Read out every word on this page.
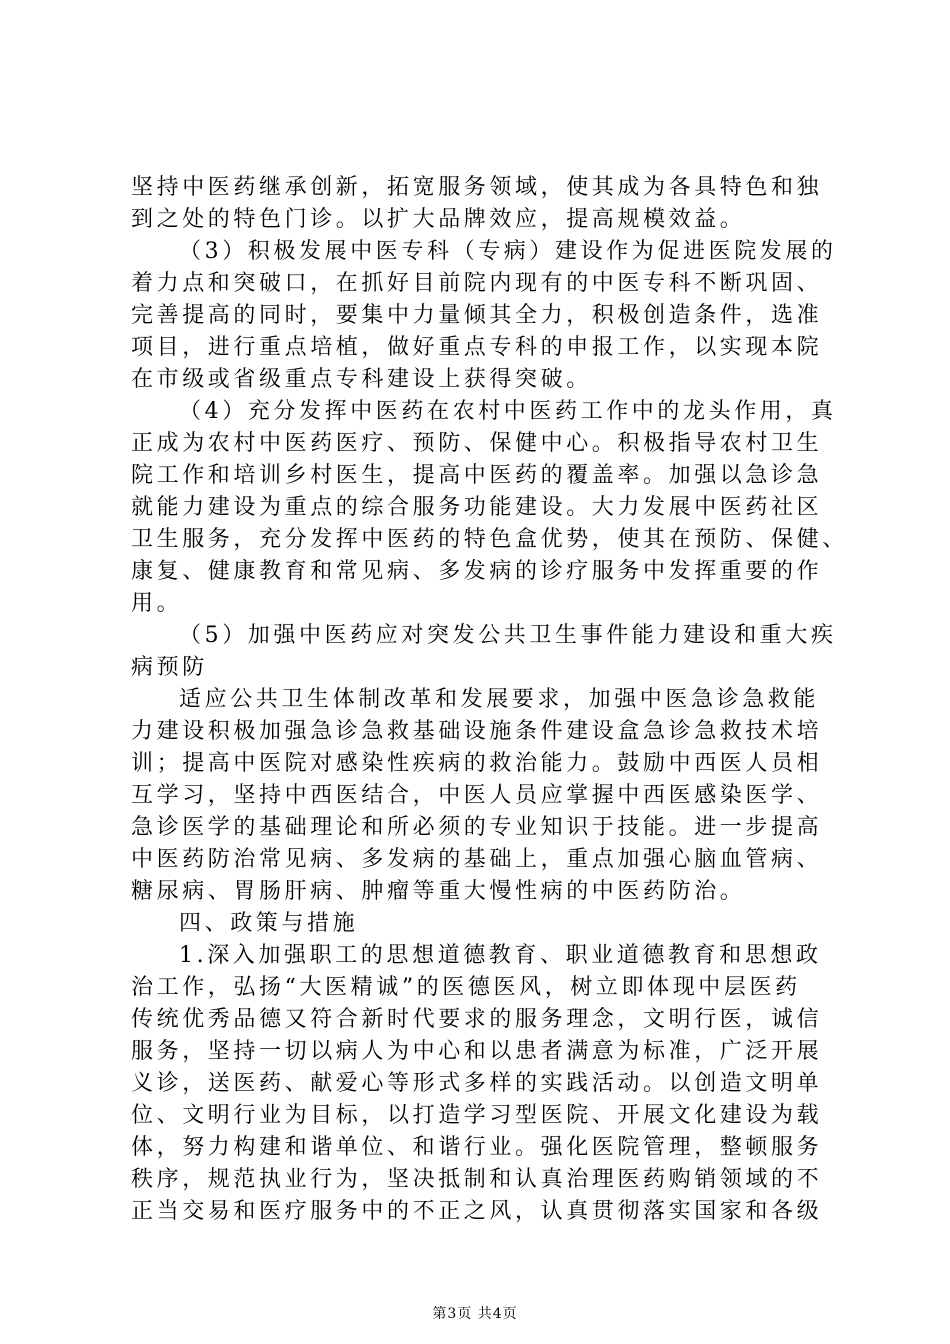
坚持中医药继承创新，拓宽服务领域，使其成为各具特色和独
到之处的特色门诊。以扩大品牌效应，提高规模效益。
（3）积极发展中医专科（专病）建设作为促进医院发展的
着力点和突破口，在抓好目前院内现有的中医专科不断巩固、
完善提高的同时，要集中力量倾其全力，积极创造条件，选准
项目，进行重点培植，做好重点专科的申报工作，以实现本院
在市级或省级重点专科建设上获得突破。
（4）充分发挥中医药在农村中医药工作中的龙头作用，真
正成为农村中医药医疗、预防、保健中心。积极指导农村卫生
院工作和培训乡村医生，提高中医药的覆盖率。加强以急诊急
就能力建设为重点的综合服务功能建设。大力发展中医药社区
卫生服务，充分发挥中医药的特色盒优势，使其在预防、保健、
康复、健康教育和常见病、多发病的诊疗服务中发挥重要的作
用。
（5）加强中医药应对突发公共卫生事件能力建设和重大疾
病预防
适应公共卫生体制改革和发展要求，加强中医急诊急救能
力建设积极加强急诊急救基础设施条件建设盒急诊急救技术培
训；提高中医院对感染性疾病的救治能力。鼓励中西医人员相
互学习，坚持中西医结合，中医人员应掌握中西医感染医学、
急诊医学的基础理论和所必须的专业知识于技能。进一步提高
中医药防治常见病、多发病的基础上，重点加强心脑血管病、
糖尿病、胃肠肝病、肿瘤等重大慢性病的中医药防治。
四、政策与措施
1.深入加强职工的思想道德教育、职业道德教育和思想政
治工作，弘扬“大医精诚”的医德医风，树立即体现中层医药
传统优秀品德又符合新时代要求的服务理念，文明行医，诚信
服务，坚持一切以病人为中心和以患者满意为标准，广泛开展
义诊，送医药、献爱心等形式多样的实践活动。以创造文明单
位、文明行业为目标，以打造学习型医院、开展文化建设为载
体，努力构建和谐单位、和谐行业。强化医院管理，整顿服务
秩序，规范执业行为，坚决抵制和认真治理医药购销领域的不
正当交易和医疗服务中的不正之风，认真贯彻落实国家和各级
第3页 共4页
